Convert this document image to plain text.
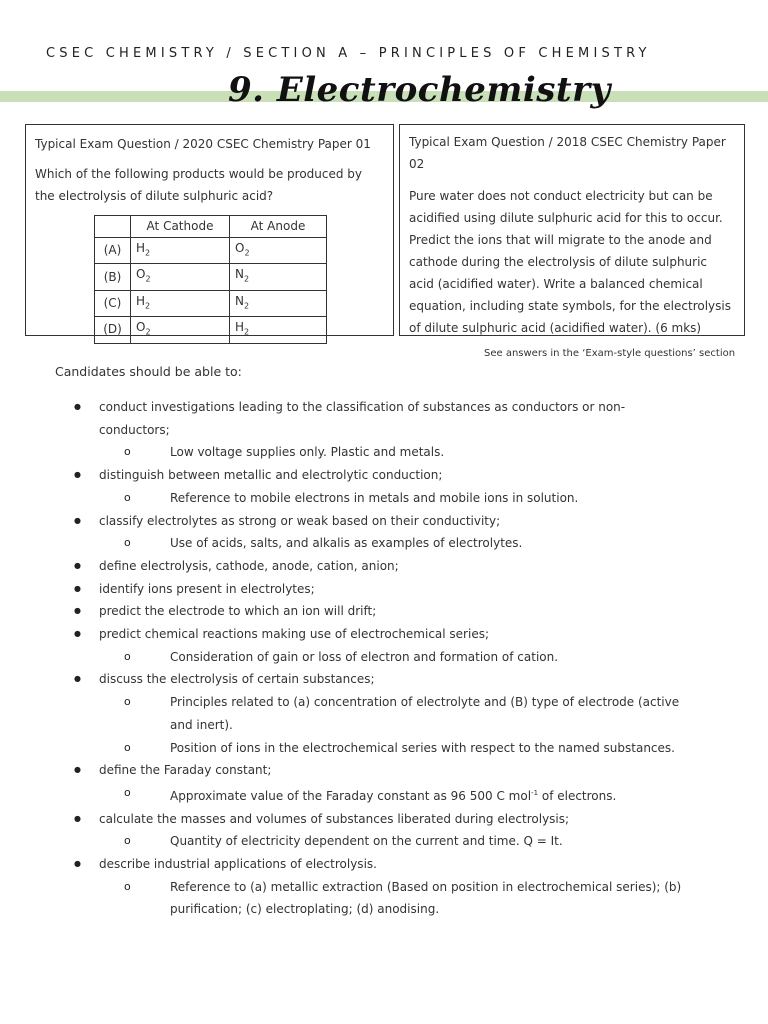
CSEC CHEMISTRY / SECTION A – PRINCIPLES OF CHEMISTRY
9. Electrochemistry
Typical Exam Question / 2020 CSEC Chemistry Paper 01
Which of the following products would be produced by the electrolysis of dilute sulphuric acid?
	At Cathode	At Anode
(A)	$H_2$	$O_2$
(B)	$O_2$	$N_2$
(C)	$H_2$	$N_2$
(D)	$O_2$	$H_2$
Typical Exam Question / 2018 CSEC Chemistry Paper 02
Pure water does not conduct electricity but can be acidified using dilute sulphuric acid for this to occur. Predict the ions that will migrate to the anode and cathode during the electrolysis of dilute sulphuric acid (acidified water). Write a balanced chemical equation, including state symbols, for the electrolysis of dilute sulphuric acid (acidified water). (6 mks)
See answers in the ‘Exam-style questions’ section
Candidates should be able to:
● conduct investigations leading to the classification of substances as conductors or non-conductors;
o Low voltage supplies only. Plastic and metals.
● distinguish between metallic and electrolytic conduction;
o Reference to mobile electrons in metals and mobile ions in solution.
● classify electrolytes as strong or weak based on their conductivity;
o Use of acids, salts, and alkalis as examples of electrolytes.
● define electrolysis, cathode, anode, cation, anion;
● identify ions present in electrolytes;
● predict the electrode to which an ion will drift;
● predict chemical reactions making use of electrochemical series;
o Consideration of gain or loss of electron and formation of cation.
● discuss the electrolysis of certain substances;
o Principles related to (a) concentration of electrolyte and (B) type of electrode (active and inert).
o Position of ions in the electrochemical series with respect to the named substances.
● define the Faraday constant;
o Approximate value of the Faraday constant as 96 500 C mol$^{-1}$ of electrons.
● calculate the masses and volumes of substances liberated during electrolysis;
o Quantity of electricity dependent on the current and time. Q = It.
● describe industrial applications of electrolysis.
o Reference to (a) metallic extraction (Based on position in electrochemical series); (b) purification; (c) electroplating; (d) anodising.
